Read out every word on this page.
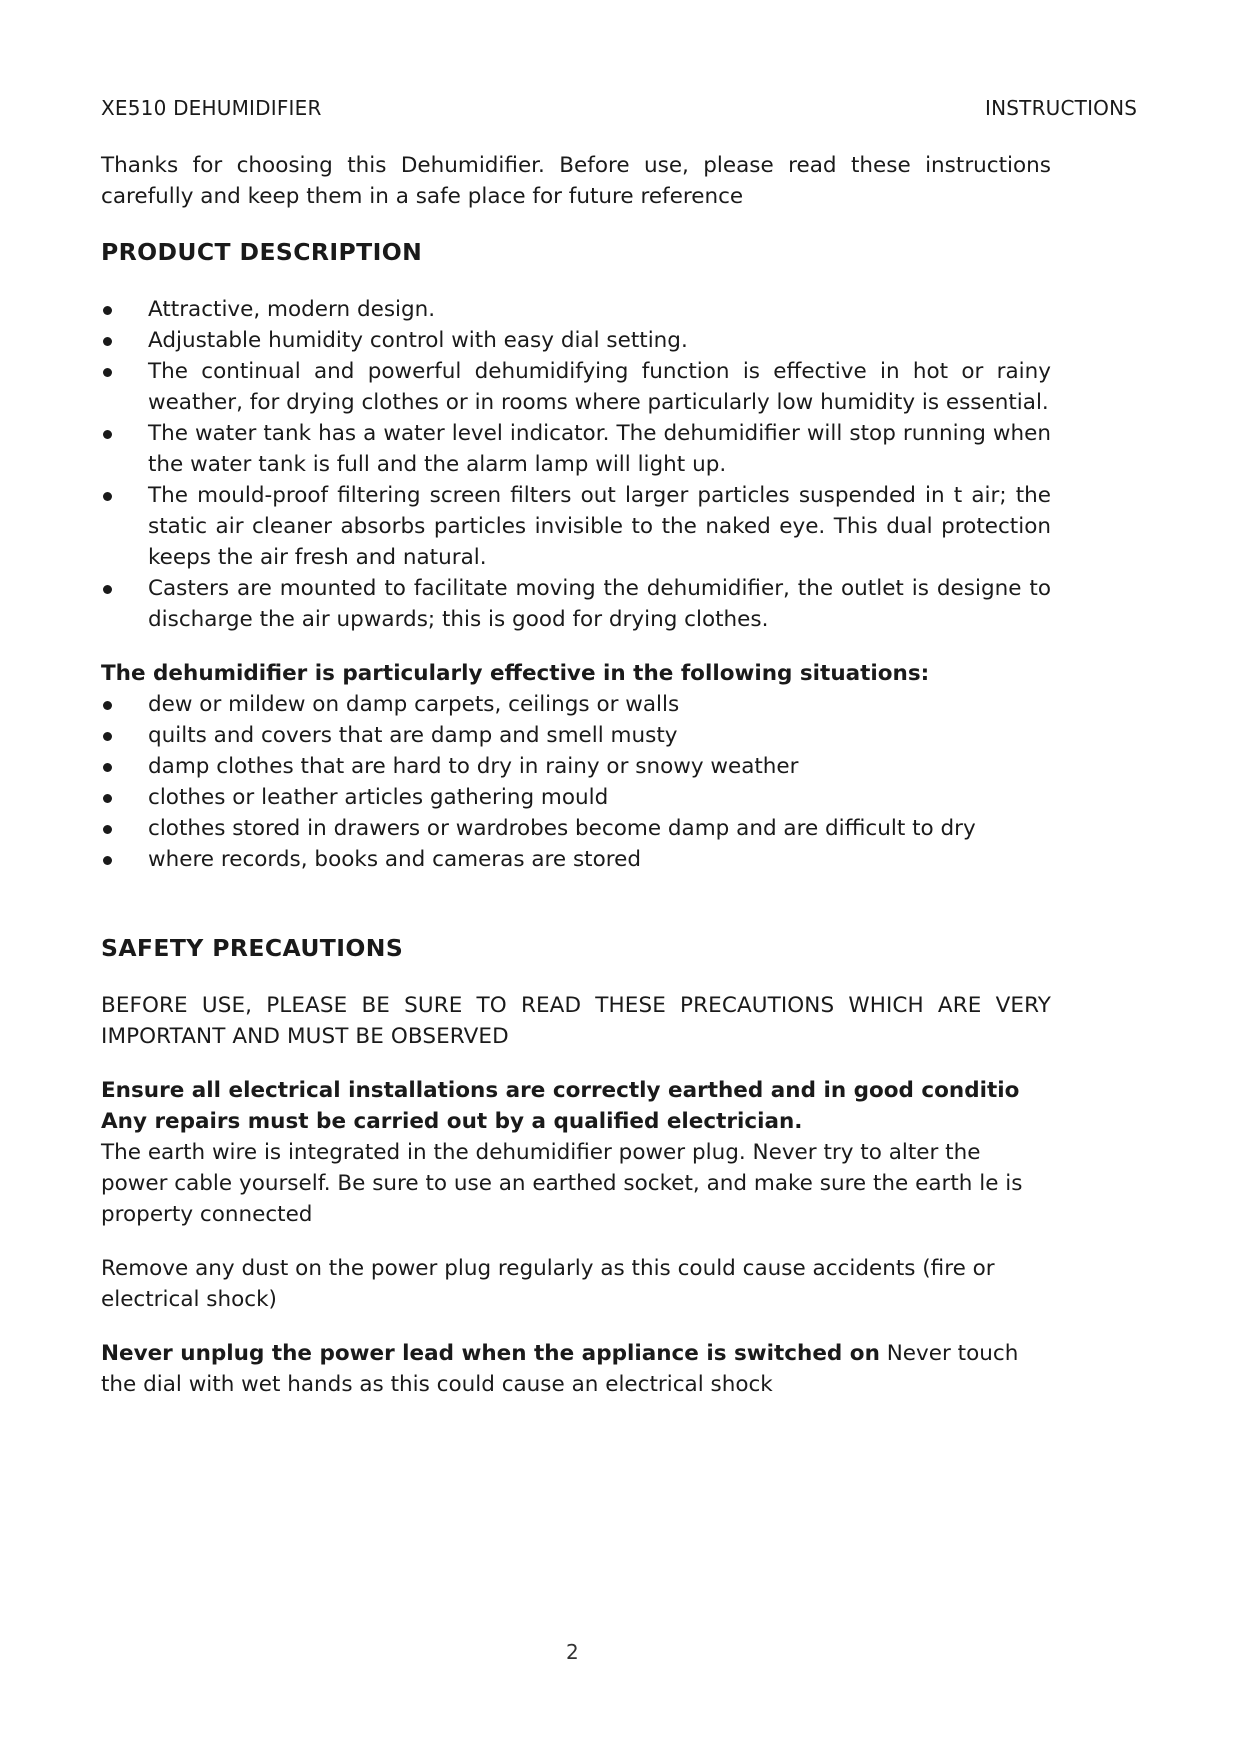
XE510 DEHUMIDIFIER	INSTRUCTIONS
Thanks for choosing this Dehumidifier. Before use, please read these instructions carefully and keep them in a safe place for future reference
PRODUCT DESCRIPTION
Attractive, modern design.
Adjustable humidity control with easy dial setting.
The continual and powerful dehumidifying function is effective in hot or rainy weather, for drying clothes or in rooms where particularly low humidity is essential.
The water tank has a water level indicator. The dehumidifier will stop running when the water tank is full and the alarm lamp will light up.
The mould-proof filtering screen filters out larger particles suspended in t air; the static air cleaner absorbs particles invisible to the naked eye. This dual protection keeps the air fresh and natural.
Casters are mounted to facilitate moving the dehumidifier, the outlet is designe to discharge the air upwards; this is good for drying clothes.
The dehumidifier is particularly effective in the following situations:
dew or mildew on damp carpets, ceilings or walls
quilts and covers that are damp and smell musty
damp clothes that are hard to dry in rainy or snowy weather
clothes or leather articles gathering mould
clothes stored in drawers or wardrobes become damp and are difficult to dry
where records, books and cameras are stored
SAFETY PRECAUTIONS
BEFORE USE, PLEASE BE SURE TO READ THESE PRECAUTIONS WHICH ARE VERY IMPORTANT AND MUST BE OBSERVED
Ensure all electrical installations are correctly earthed and in good conditio
Any repairs must be carried out by a qualified electrician.
The earth wire is integrated in the dehumidifier power plug. Never try to alter the power cable yourself. Be sure to use an earthed socket, and make sure the earth le is property connected
Remove any dust on the power plug regularly as this could cause accidents (fire or electrical shock)
Never unplug the power lead when the appliance is switched on Never touch the dial with wet hands as this could cause an electrical shock
2
